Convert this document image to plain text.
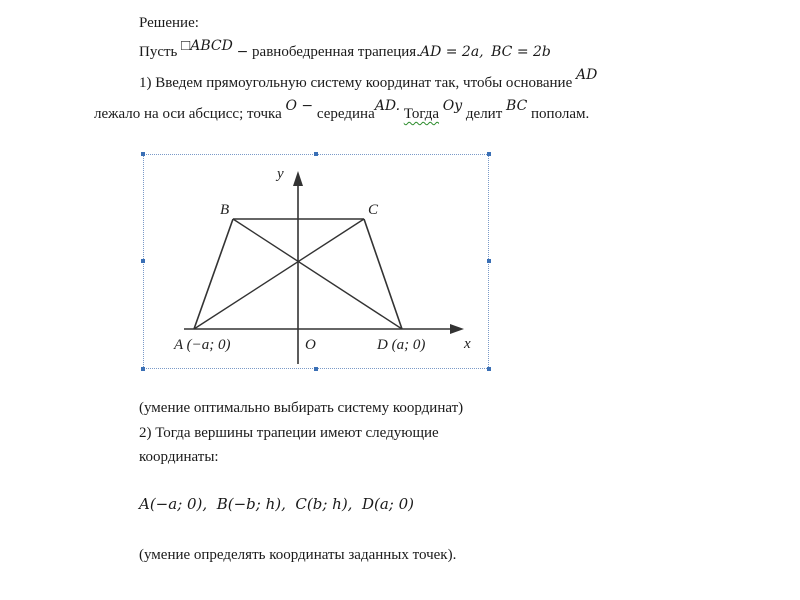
Решение:
Пусть □ABCD − равнобедренная трапеция.AD = 2a, BC = 2b
1) Введем прямоугольную систему координат так, чтобы основание AD
лежало на оси абсцисс; точка O − серединаAD. Тогда Oy делит BC пополам.
B	C
y
x
O
A (−a; 0)	D (a; 0)
(умение оптимально выбирать систему координат)
2) Тогда вершины трапеции имеют следующие
координаты:
A(−a; 0),  B(−b; h),  C(b; h),  D(a; 0)
(умение определять координаты заданных точек).
